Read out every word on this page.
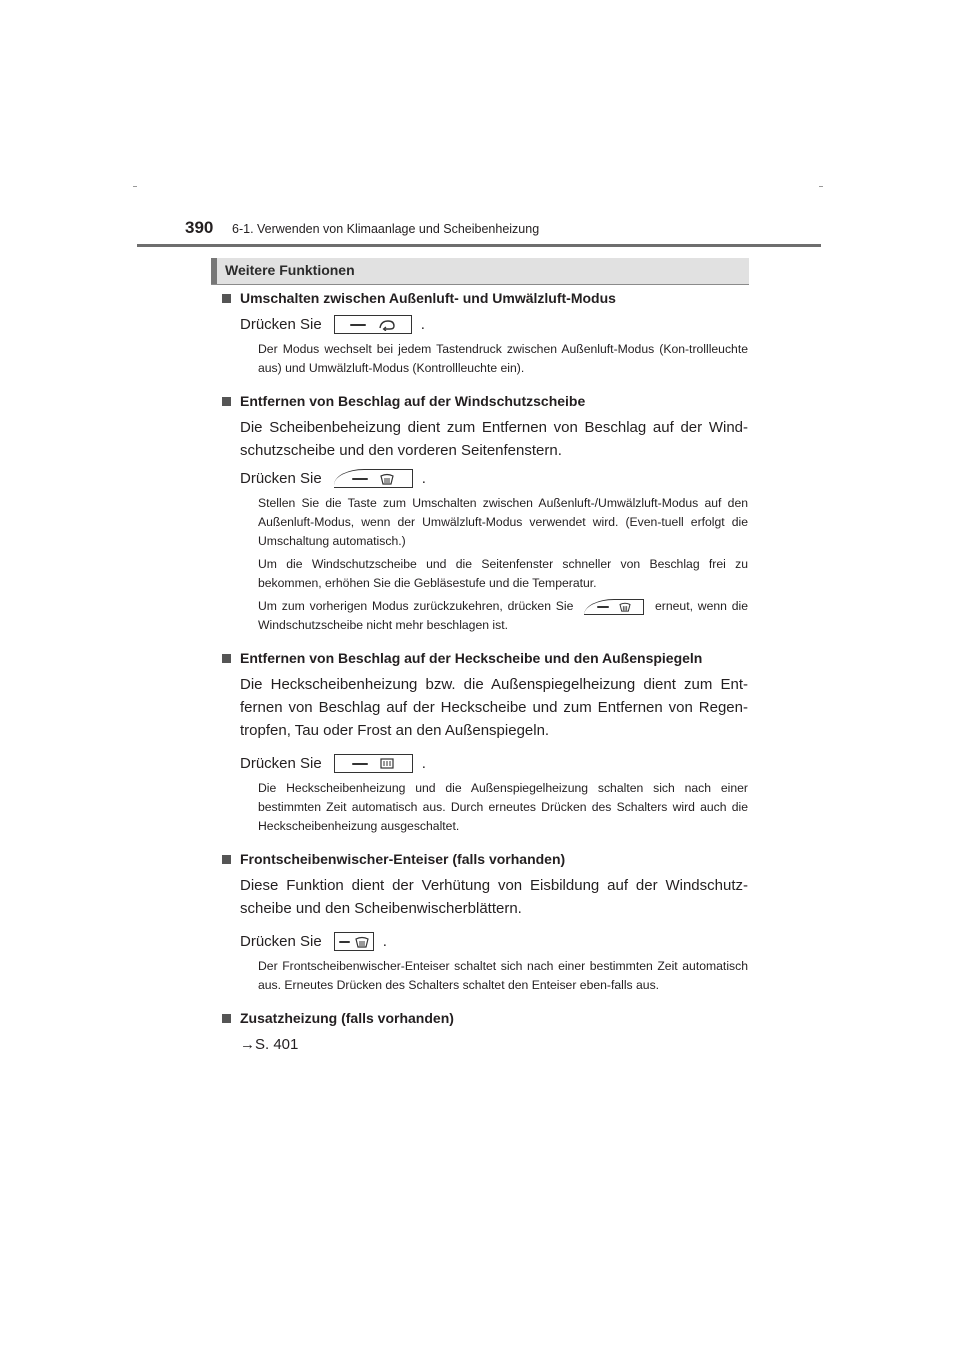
390 6-1. Verwenden von Klimaanlage und Scheibenheizung
Weitere Funktionen
Umschalten zwischen Außenluft- und Umwälzluft-Modus
Drücken Sie	.
Der Modus wechselt bei jedem Tastendruck zwischen Außenluft-Modus (Kon-trollleuchte aus) und Umwälzluft-Modus (Kontrollleuchte ein).
Entfernen von Beschlag auf der Windschutzscheibe
Die Scheibenbeheizung dient zum Entfernen von Beschlag auf der Wind-schutzscheibe und den vorderen Seitenfenstern.
Drücken Sie	.
Stellen Sie die Taste zum Umschalten zwischen Außenluft-/Umwälzluft-Modus auf den Außenluft-Modus, wenn der Umwälzluft-Modus verwendet wird. (Even-tuell erfolgt die Umschaltung automatisch.)
Um die Windschutzscheibe und die Seitenfenster schneller von Beschlag frei zu bekommen, erhöhen Sie die Gebläsestufe und die Temperatur.
Um zum vorherigen Modus zurückzukehren, drücken Sie	erneut, wenn die Windschutzscheibe nicht mehr beschlagen ist.
Entfernen von Beschlag auf der Heckscheibe und den Außenspiegeln
Die Heckscheibenheizung bzw. die Außenspiegelheizung dient zum Ent-fernen von Beschlag auf der Heckscheibe und zum Entfernen von Regen-tropfen, Tau oder Frost an den Außenspiegeln.
Drücken Sie	.
Die Heckscheibenheizung und die Außenspiegelheizung schalten sich nach einer bestimmten Zeit automatisch aus. Durch erneutes Drücken des Schalters wird auch die Heckscheibenheizung ausgeschaltet.
Frontscheibenwischer-Enteiser (falls vorhanden)
Diese Funktion dient der Verhütung von Eisbildung auf der Windschutz-scheibe und den Scheibenwischerblättern.
Drücken Sie	.
Der Frontscheibenwischer-Enteiser schaltet sich nach einer bestimmten Zeit automatisch aus. Erneutes Drücken des Schalters schaltet den Enteiser eben-falls aus.
Zusatzheizung (falls vorhanden)
→S. 401
